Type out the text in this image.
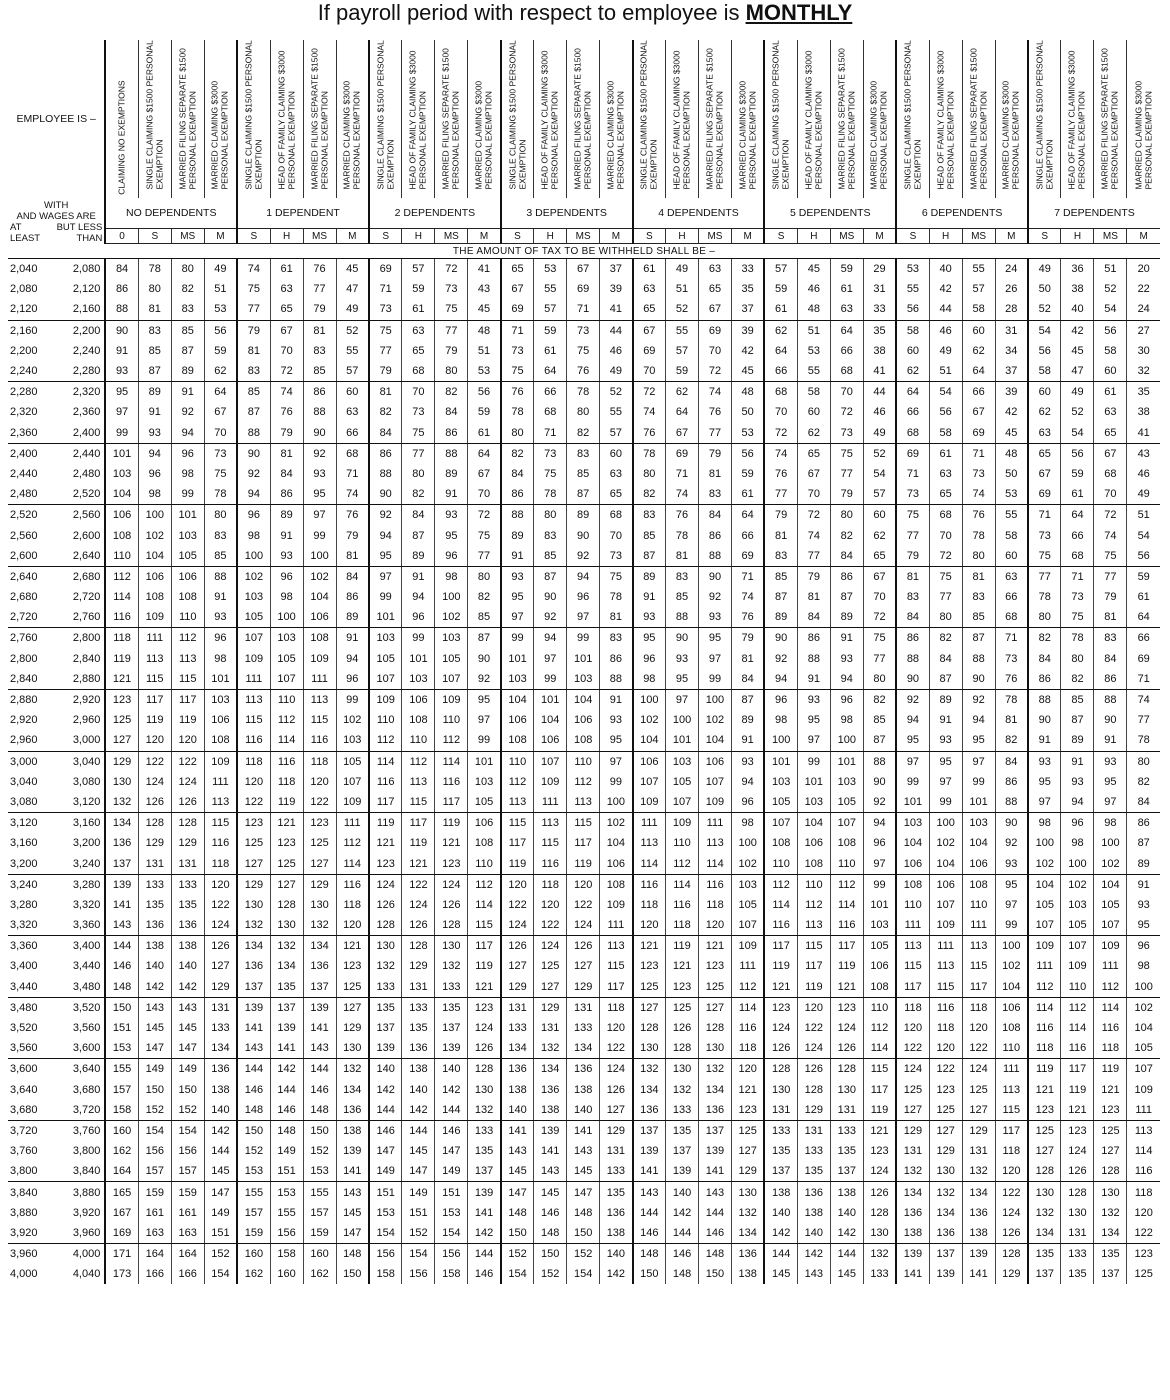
If payroll period with respect to employee is MONTHLY
EMPLOYEE IS –		CLAIMING NO EXEMPTIONS	SINGLE CLAIMING $1500 PERSONAL EXEMPTION	MARRIED FILING SEPARATE $1500 PERSONAL EXEMPTION	MARRIED CLAIMING $3000 PERSONAL EXEMPTION	SINGLE CLAIMING $1500 PERSONAL EXEMPTION	HEAD OF FAMILY CLAIMING $3000 PERSONAL EXEMPTION	MARRIED FILING SEPARATE $1500 PERSONAL EXEMPTION	MARRIED CLAIMING $3000 PERSONAL EXEMPTION	SINGLE CLAIMING $1500 PERSONAL EXEMPTION	HEAD OF FAMILY CLAIMING $3000 PERSONAL EXEMPTION	MARRIED FILING SEPARATE $1500 PERSONAL EXEMPTION	MARRIED CLAIMING $3000 PERSONAL EXEMPTION	SINGLE CLAIMING $1500 PERSONAL EXEMPTION	HEAD OF FAMILY CLAIMING $3000 PERSONAL EXEMPTION	MARRIED FILING SEPARATE $1500 PERSONAL EXEMPTION	MARRIED CLAIMING $3000 PERSONAL EXEMPTION	SINGLE CLAIMING $1500 PERSONAL EXEMPTION	HEAD OF FAMILY CLAIMING $3000 PERSONAL EXEMPTION	MARRIED FILING SEPARATE $1500 PERSONAL EXEMPTION	MARRIED CLAIMING $3000 PERSONAL EXEMPTION	SINGLE CLAIMING $1500 PERSONAL EXEMPTION	HEAD OF FAMILY CLAIMING $3000 PERSONAL EXEMPTION	MARRIED FILING SEPARATE $1500 PERSONAL EXEMPTION	MARRIED CLAIMING $3000 PERSONAL EXEMPTION	SINGLE CLAIMING $1500 PERSONAL EXEMPTION	HEAD OF FAMILY CLAIMING $3000 PERSONAL EXEMPTION	MARRIED FILING SEPARATE $1500 PERSONAL EXEMPTION	MARRIED CLAIMING $3000 PERSONAL EXEMPTION	SINGLE CLAIMING $1500 PERSONAL EXEMPTION	HEAD OF FAMILY CLAIMING $3000 PERSONAL EXEMPTION	MARRIED FILING SEPARATE $1500 PERSONAL EXEMPTION	MARRIED CLAIMING $3000 PERSONAL EXEMPTION

WITH
AND WAGES ARE
AT LEAST
BUT LESS THAN		NO DEPENDENTS				1 DEPENDENT				2 DEPENDENTS				3 DEPENDENTS				4 DEPENDENTS				5 DEPENDENTS				6 DEPENDENTS				7 DEPENDENTS			
		0	S	MS	M	S	H	MS	M	S	H	MS	M	S	H	MS	M	S	H	MS	M	S	H	MS	M	S	H	MS	M	S	H	MS	M
THE AMOUNT OF TAX TO BE WITHHELD SHALL BE –																																	
2,040	2,080	84	78	80	49	74	61	76	45	69	57	72	41	65	53	67	37	61	49	63	33	57	45	59	29	53	40	55	24	49	36	51	20
2,080	2,120	86	80	82	51	75	63	77	47	71	59	73	43	67	55	69	39	63	51	65	35	59	46	61	31	55	42	57	26	50	38	52	22
2,120	2,160	88	81	83	53	77	65	79	49	73	61	75	45	69	57	71	41	65	52	67	37	61	48	63	33	56	44	58	28	52	40	54	24
2,160	2,200	90	83	85	56	79	67	81	52	75	63	77	48	71	59	73	44	67	55	69	39	62	51	64	35	58	46	60	31	54	42	56	27
2,200	2,240	91	85	87	59	81	70	83	55	77	65	79	51	73	61	75	46	69	57	70	42	64	53	66	38	60	49	62	34	56	45	58	30
2,240	2,280	93	87	89	62	83	72	85	57	79	68	80	53	75	64	76	49	70	59	72	45	66	55	68	41	62	51	64	37	58	47	60	32
2,280	2,320	95	89	91	64	85	74	86	60	81	70	82	56	76	66	78	52	72	62	74	48	68	58	70	44	64	54	66	39	60	49	61	35
2,320	2,360	97	91	92	67	87	76	88	63	82	73	84	59	78	68	80	55	74	64	76	50	70	60	72	46	66	56	67	42	62	52	63	38
2,360	2,400	99	93	94	70	88	79	90	66	84	75	86	61	80	71	82	57	76	67	77	53	72	62	73	49	68	58	69	45	63	54	65	41
2,400	2,440	101	94	96	73	90	81	92	68	86	77	88	64	82	73	83	60	78	69	79	56	74	65	75	52	69	61	71	48	65	56	67	43
2,440	2,480	103	96	98	75	92	84	93	71	88	80	89	67	84	75	85	63	80	71	81	59	76	67	77	54	71	63	73	50	67	59	68	46
2,480	2,520	104	98	99	78	94	86	95	74	90	82	91	70	86	78	87	65	82	74	83	61	77	70	79	57	73	65	74	53	69	61	70	49
2,520	2,560	106	100	101	80	96	89	97	76	92	84	93	72	88	80	89	68	83	76	84	64	79	72	80	60	75	68	76	55	71	64	72	51
2,560	2,600	108	102	103	83	98	91	99	79	94	87	95	75	89	83	90	70	85	78	86	66	81	74	82	62	77	70	78	58	73	66	74	54
2,600	2,640	110	104	105	85	100	93	100	81	95	89	96	77	91	85	92	73	87	81	88	69	83	77	84	65	79	72	80	60	75	68	75	56
2,640	2,680	112	106	106	88	102	96	102	84	97	91	98	80	93	87	94	75	89	83	90	71	85	79	86	67	81	75	81	63	77	71	77	59
2,680	2,720	114	108	108	91	103	98	104	86	99	94	100	82	95	90	96	78	91	85	92	74	87	81	87	70	83	77	83	66	78	73	79	61
2,720	2,760	116	109	110	93	105	100	106	89	101	96	102	85	97	92	97	81	93	88	93	76	89	84	89	72	84	80	85	68	80	75	81	64
2,760	2,800	118	111	112	96	107	103	108	91	103	99	103	87	99	94	99	83	95	90	95	79	90	86	91	75	86	82	87	71	82	78	83	66
2,800	2,840	119	113	113	98	109	105	109	94	105	101	105	90	101	97	101	86	96	93	97	81	92	88	93	77	88	84	88	73	84	80	84	69
2,840	2,880	121	115	115	101	111	107	111	96	107	103	107	92	103	99	103	88	98	95	99	84	94	91	94	80	90	87	90	76	86	82	86	71
2,880	2,920	123	117	117	103	113	110	113	99	109	106	109	95	104	101	104	91	100	97	100	87	96	93	96	82	92	89	92	78	88	85	88	74
2,920	2,960	125	119	119	106	115	112	115	102	110	108	110	97	106	104	106	93	102	100	102	89	98	95	98	85	94	91	94	81	90	87	90	77
2,960	3,000	127	120	120	108	116	114	116	103	112	110	112	99	108	106	108	95	104	101	104	91	100	97	100	87	95	93	95	82	91	89	91	78
3,000	3,040	129	122	122	109	118	116	118	105	114	112	114	101	110	107	110	97	106	103	106	93	101	99	101	88	97	95	97	84	93	91	93	80
3,040	3,080	130	124	124	111	120	118	120	107	116	113	116	103	112	109	112	99	107	105	107	94	103	101	103	90	99	97	99	86	95	93	95	82
3,080	3,120	132	126	126	113	122	119	122	109	117	115	117	105	113	111	113	100	109	107	109	96	105	103	105	92	101	99	101	88	97	94	97	84
3,120	3,160	134	128	128	115	123	121	123	111	119	117	119	106	115	113	115	102	111	109	111	98	107	104	107	94	103	100	103	90	98	96	98	86
3,160	3,200	136	129	129	116	125	123	125	112	121	119	121	108	117	115	117	104	113	110	113	100	108	106	108	96	104	102	104	92	100	98	100	87
3,200	3,240	137	131	131	118	127	125	127	114	123	121	123	110	119	116	119	106	114	112	114	102	110	108	110	97	106	104	106	93	102	100	102	89
3,240	3,280	139	133	133	120	129	127	129	116	124	122	124	112	120	118	120	108	116	114	116	103	112	110	112	99	108	106	108	95	104	102	104	91
3,280	3,320	141	135	135	122	130	128	130	118	126	124	126	114	122	120	122	109	118	116	118	105	114	112	114	101	110	107	110	97	105	103	105	93
3,320	3,360	143	136	136	124	132	130	132	120	128	126	128	115	124	122	124	111	120	118	120	107	116	113	116	103	111	109	111	99	107	105	107	95
3,360	3,400	144	138	138	126	134	132	134	121	130	128	130	117	126	124	126	113	121	119	121	109	117	115	117	105	113	111	113	100	109	107	109	96
3,400	3,440	146	140	140	127	136	134	136	123	132	129	132	119	127	125	127	115	123	121	123	111	119	117	119	106	115	113	115	102	111	109	111	98
3,440	3,480	148	142	142	129	137	135	137	125	133	131	133	121	129	127	129	117	125	123	125	112	121	119	121	108	117	115	117	104	112	110	112	100
3,480	3,520	150	143	143	131	139	137	139	127	135	133	135	123	131	129	131	118	127	125	127	114	123	120	123	110	118	116	118	106	114	112	114	102
3,520	3,560	151	145	145	133	141	139	141	129	137	135	137	124	133	131	133	120	128	126	128	116	124	122	124	112	120	118	120	108	116	114	116	104
3,560	3,600	153	147	147	134	143	141	143	130	139	136	139	126	134	132	134	122	130	128	130	118	126	124	126	114	122	120	122	110	118	116	118	105
3,600	3,640	155	149	149	136	144	142	144	132	140	138	140	128	136	134	136	124	132	130	132	120	128	126	128	115	124	122	124	111	119	117	119	107
3,640	3,680	157	150	150	138	146	144	146	134	142	140	142	130	138	136	138	126	134	132	134	121	130	128	130	117	125	123	125	113	121	119	121	109
3,680	3,720	158	152	152	140	148	146	148	136	144	142	144	132	140	138	140	127	136	133	136	123	131	129	131	119	127	125	127	115	123	121	123	111
3,720	3,760	160	154	154	142	150	148	150	138	146	144	146	133	141	139	141	129	137	135	137	125	133	131	133	121	129	127	129	117	125	123	125	113
3,760	3,800	162	156	156	144	152	149	152	139	147	145	147	135	143	141	143	131	139	137	139	127	135	133	135	123	131	129	131	118	127	124	127	114
3,800	3,840	164	157	157	145	153	151	153	141	149	147	149	137	145	143	145	133	141	139	141	129	137	135	137	124	132	130	132	120	128	126	128	116
3,840	3,880	165	159	159	147	155	153	155	143	151	149	151	139	147	145	147	135	143	140	143	130	138	136	138	126	134	132	134	122	130	128	130	118
3,880	3,920	167	161	161	149	157	155	157	145	153	151	153	141	148	146	148	136	144	142	144	132	140	138	140	128	136	134	136	124	132	130	132	120
3,920	3,960	169	163	163	151	159	156	159	147	154	152	154	142	150	148	150	138	146	144	146	134	142	140	142	130	138	136	138	126	134	131	134	122
3,960	4,000	171	164	164	152	160	158	160	148	156	154	156	144	152	150	152	140	148	146	148	136	144	142	144	132	139	137	139	128	135	133	135	123
4,000	4,040	173	166	166	154	162	160	162	150	158	156	158	146	154	152	154	142	150	148	150	138	145	143	145	133	141	139	141	129	137	135	137	125
